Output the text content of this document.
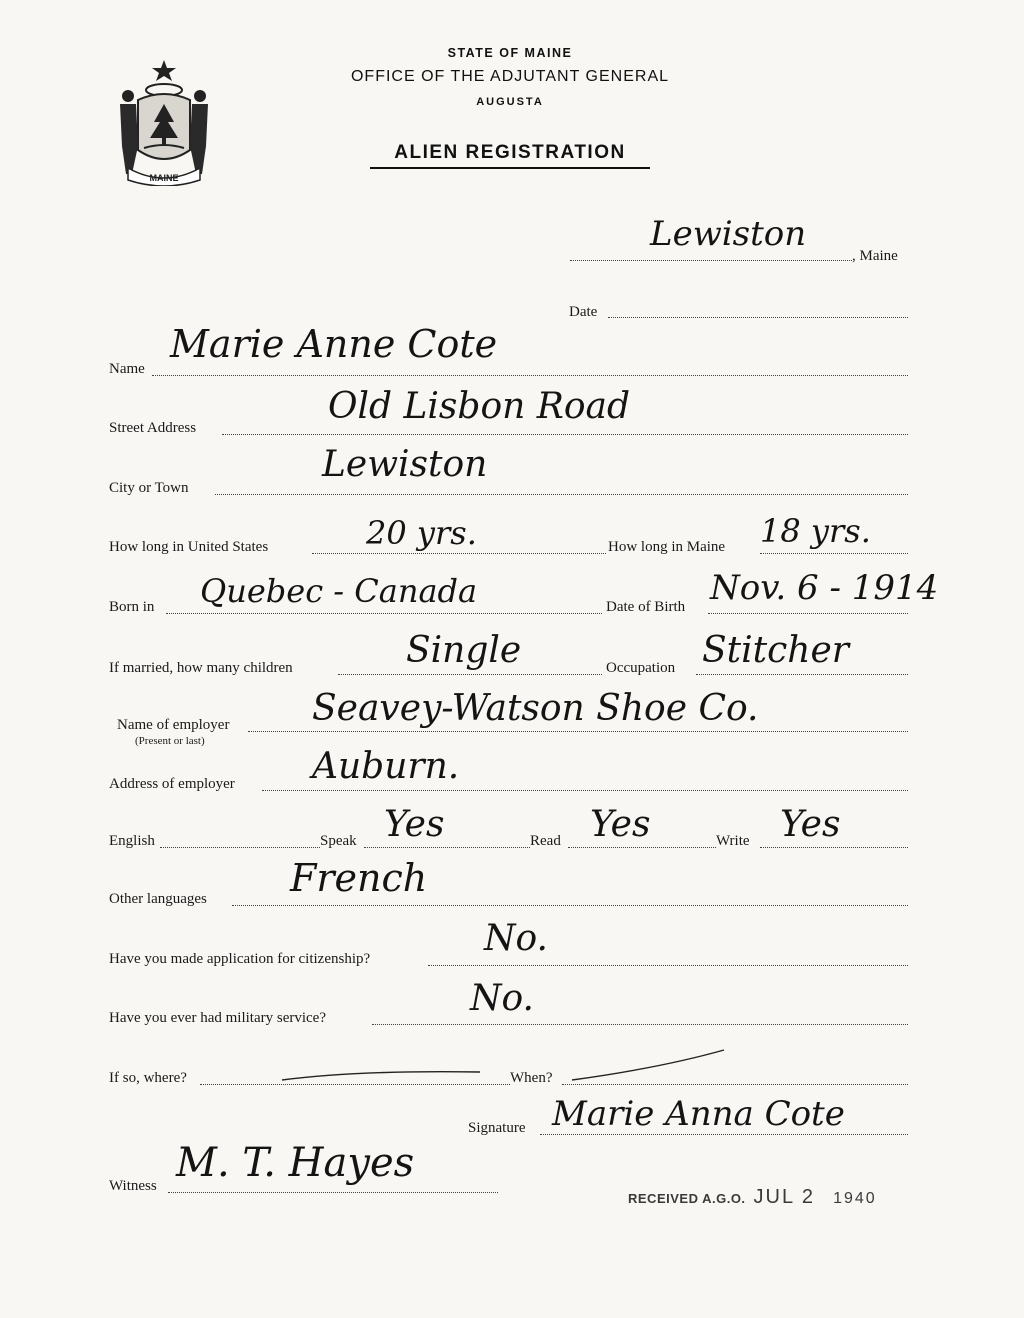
MAINE
STATE OF MAINE
OFFICE OF THE ADJUTANT GENERAL
AUGUSTA
ALIEN REGISTRATION
Lewiston
, Maine
Date
Name
Marie Anne Cote
Street Address
Old Lisbon Road
City or Town
Lewiston
How long in United States	20 yrs.	How long in Maine 18 yrs.
Born in Quebec - Canada	Date of Birth Nov. 6 - 1914
If married, how many children	Single	Occupation Stitcher
Name of employer
(Present or last)
Seavey-Watson Shoe Co.
Address of employer Auburn.
English	Speak Yes	Read Yes	Write Yes
Other languages French
Have you made application for citizenship?	No.
Have you ever had military service?	No.
If so, where?	When?
Signature Marie Anna Cote
Witness M. T. Hayes
RECEIVED A.G.O. JUL 2 1940
